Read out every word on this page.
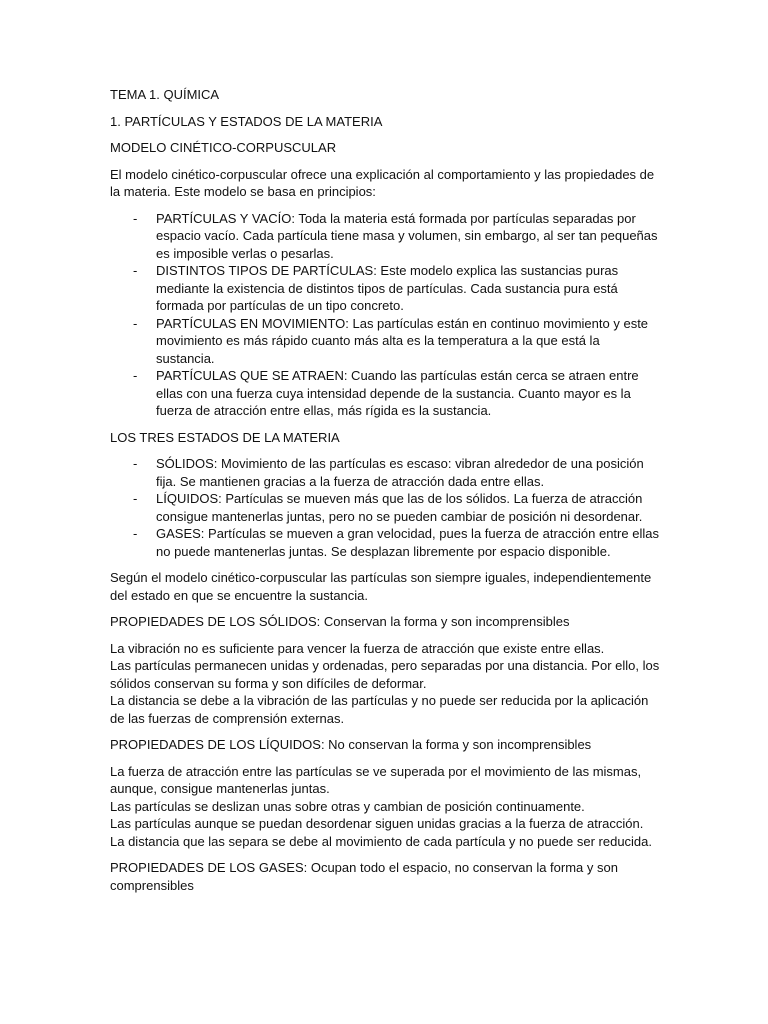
TEMA 1. QUÍMICA

1. PARTÍCULAS Y ESTADOS DE LA MATERIA

MODELO CINÉTICO-CORPUSCULAR

El modelo cinético-corpuscular ofrece una explicación al comportamiento y las propiedades de la materia. Este modelo se basa en principios:

- PARTÍCULAS Y VACÍO: Toda la materia está formada por partículas separadas por espacio vacío. Cada partícula tiene masa y volumen, sin embargo, al ser tan pequeñas es imposible verlas o pesarlas.
- DISTINTOS TIPOS DE PARTÍCULAS: Este modelo explica las sustancias puras mediante la existencia de distintos tipos de partículas. Cada sustancia pura está formada por partículas de un tipo concreto.
- PARTÍCULAS EN MOVIMIENTO: Las partículas están en continuo movimiento y este movimiento es más rápido cuanto más alta es la temperatura a la que está la sustancia.
- PARTÍCULAS QUE SE ATRAEN: Cuando las partículas están cerca se atraen entre ellas con una fuerza cuya intensidad depende de la sustancia. Cuanto mayor es la fuerza de atracción entre ellas, más rígida es la sustancia.

LOS TRES ESTADOS DE LA MATERIA

- SÓLIDOS: Movimiento de las partículas es escaso: vibran alrededor de una posición fija. Se mantienen gracias a la fuerza de atracción dada entre ellas.
- LÍQUIDOS: Partículas se mueven más que las de los sólidos. La fuerza de atracción consigue mantenerlas juntas, pero no se pueden cambiar de posición ni desordenar.
- GASES: Partículas se mueven a gran velocidad, pues la fuerza de atracción entre ellas no puede mantenerlas juntas. Se desplazan libremente por espacio disponible.

Según el modelo cinético-corpuscular las partículas son siempre iguales, independientemente del estado en que se encuentre la sustancia.

PROPIEDADES DE LOS SÓLIDOS: Conservan la forma y son incomprensibles

La vibración no es suficiente para vencer la fuerza de atracción que existe entre ellas.
Las partículas permanecen unidas y ordenadas, pero separadas por una distancia. Por ello, los sólidos conservan su forma y son difíciles de deformar.
La distancia se debe a la vibración de las partículas y no puede ser reducida por la aplicación de las fuerzas de comprensión externas.

PROPIEDADES DE LOS LÍQUIDOS: No conservan la forma y son incomprensibles

La fuerza de atracción entre las partículas se ve superada por el movimiento de las mismas, aunque, consigue mantenerlas juntas.
Las partículas se deslizan unas sobre otras y cambian de posición continuamente.
Las partículas aunque se puedan desordenar siguen unidas gracias a la fuerza de atracción.
La distancia que las separa se debe al movimiento de cada partícula y no puede ser reducida.

PROPIEDADES DE LOS GASES: Ocupan todo el espacio, no conservan la forma y son comprensibles
